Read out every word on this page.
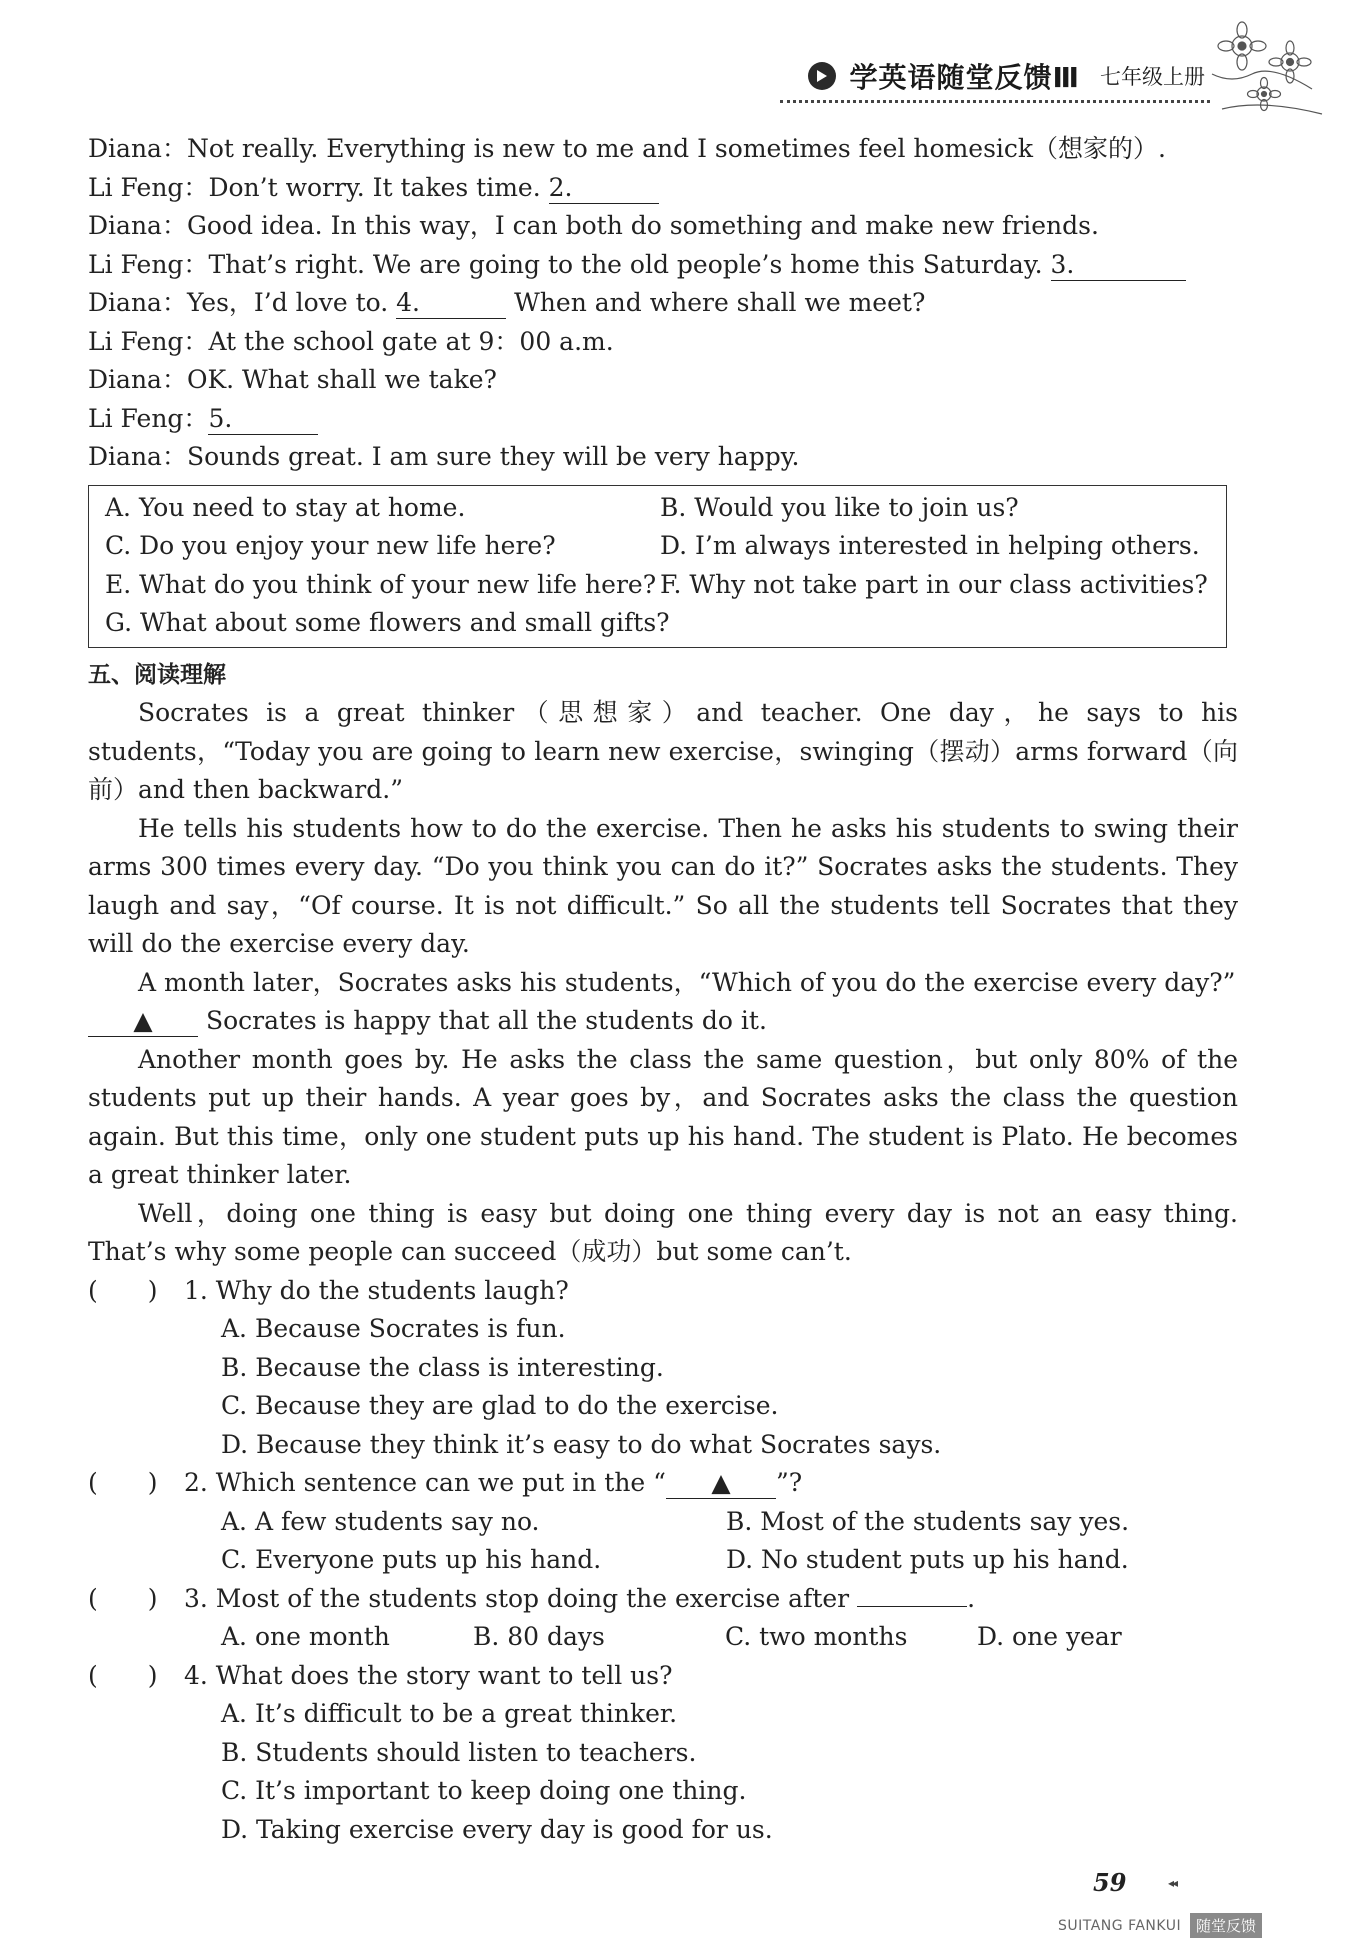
学英语随堂反馈Ⅲ 七年级上册
Diana：Not really. Everything is new to me and I sometimes feel homesick（想家的）.
Li Feng：Don’t worry. It takes time. 2.
Diana：Good idea. In this way，I can both do something and make new friends.
Li Feng：That’s right. We are going to the old people’s home this Saturday. 3.
Diana：Yes，I’d love to. 4.	When and where shall we meet?
Li Feng：At the school gate at 9：00 a.m.
Diana：OK. What shall we take?
Li Feng：5.
Diana：Sounds great. I am sure they will be very happy.
A. You need to stay at home.	B. Would you like to join us?
C. Do you enjoy your new life here?	D. I’m always interested in helping others.
E. What do you think of your new life here? F. Why not take part in our class activities?
G. What about some flowers and small gifts?
五、阅读理解
Socrates is a great thinker（思想家）and teacher. One day，he says to his students，“Today you are going to learn new exercise，swinging（摆动）arms forward（向前）and then backward.”
He tells his students how to do the exercise. Then he asks his students to swing their arms 300 times every day. “Do you think you can do it?” Socrates asks the students. They laugh and say，“Of course. It is not difficult.” So all the students tell Socrates that they will do the exercise every day.
A month later，Socrates asks his students，“Which of you do the exercise every day?”
▲ Socrates is happy that all the students do it.
Another month goes by. He asks the class the same question，but only 80% of the students put up their hands. A year goes by，and Socrates asks the class the question again. But this time，only one student puts up his hand. The student is Plato. He becomes a great thinker later.
Well，doing one thing is easy but doing one thing every day is not an easy thing. That’s why some people can succeed（成功）but some can’t.
(　　) 1. Why do the students laugh?
A. Because Socrates is fun.
B. Because the class is interesting.
C. Because they are glad to do the exercise.
D. Because they think it’s easy to do what Socrates says.
(　　) 2. Which sentence can we put in the “ ▲ ”?
A. A few students say no.	B. Most of the students say yes.
C. Everyone puts up his hand.	D. No student puts up his hand.
(　　) 3. Most of the students stop doing the exercise after	.
A. one month	B. 80 days	C. two months	D. one year
(　　) 4. What does the story want to tell us?
A. It’s difficult to be a great thinker.
B. Students should listen to teachers.
C. It’s important to keep doing one thing.
D. Taking exercise every day is good for us.
59	◂◂
SUITANG FANKUI 随堂反馈
